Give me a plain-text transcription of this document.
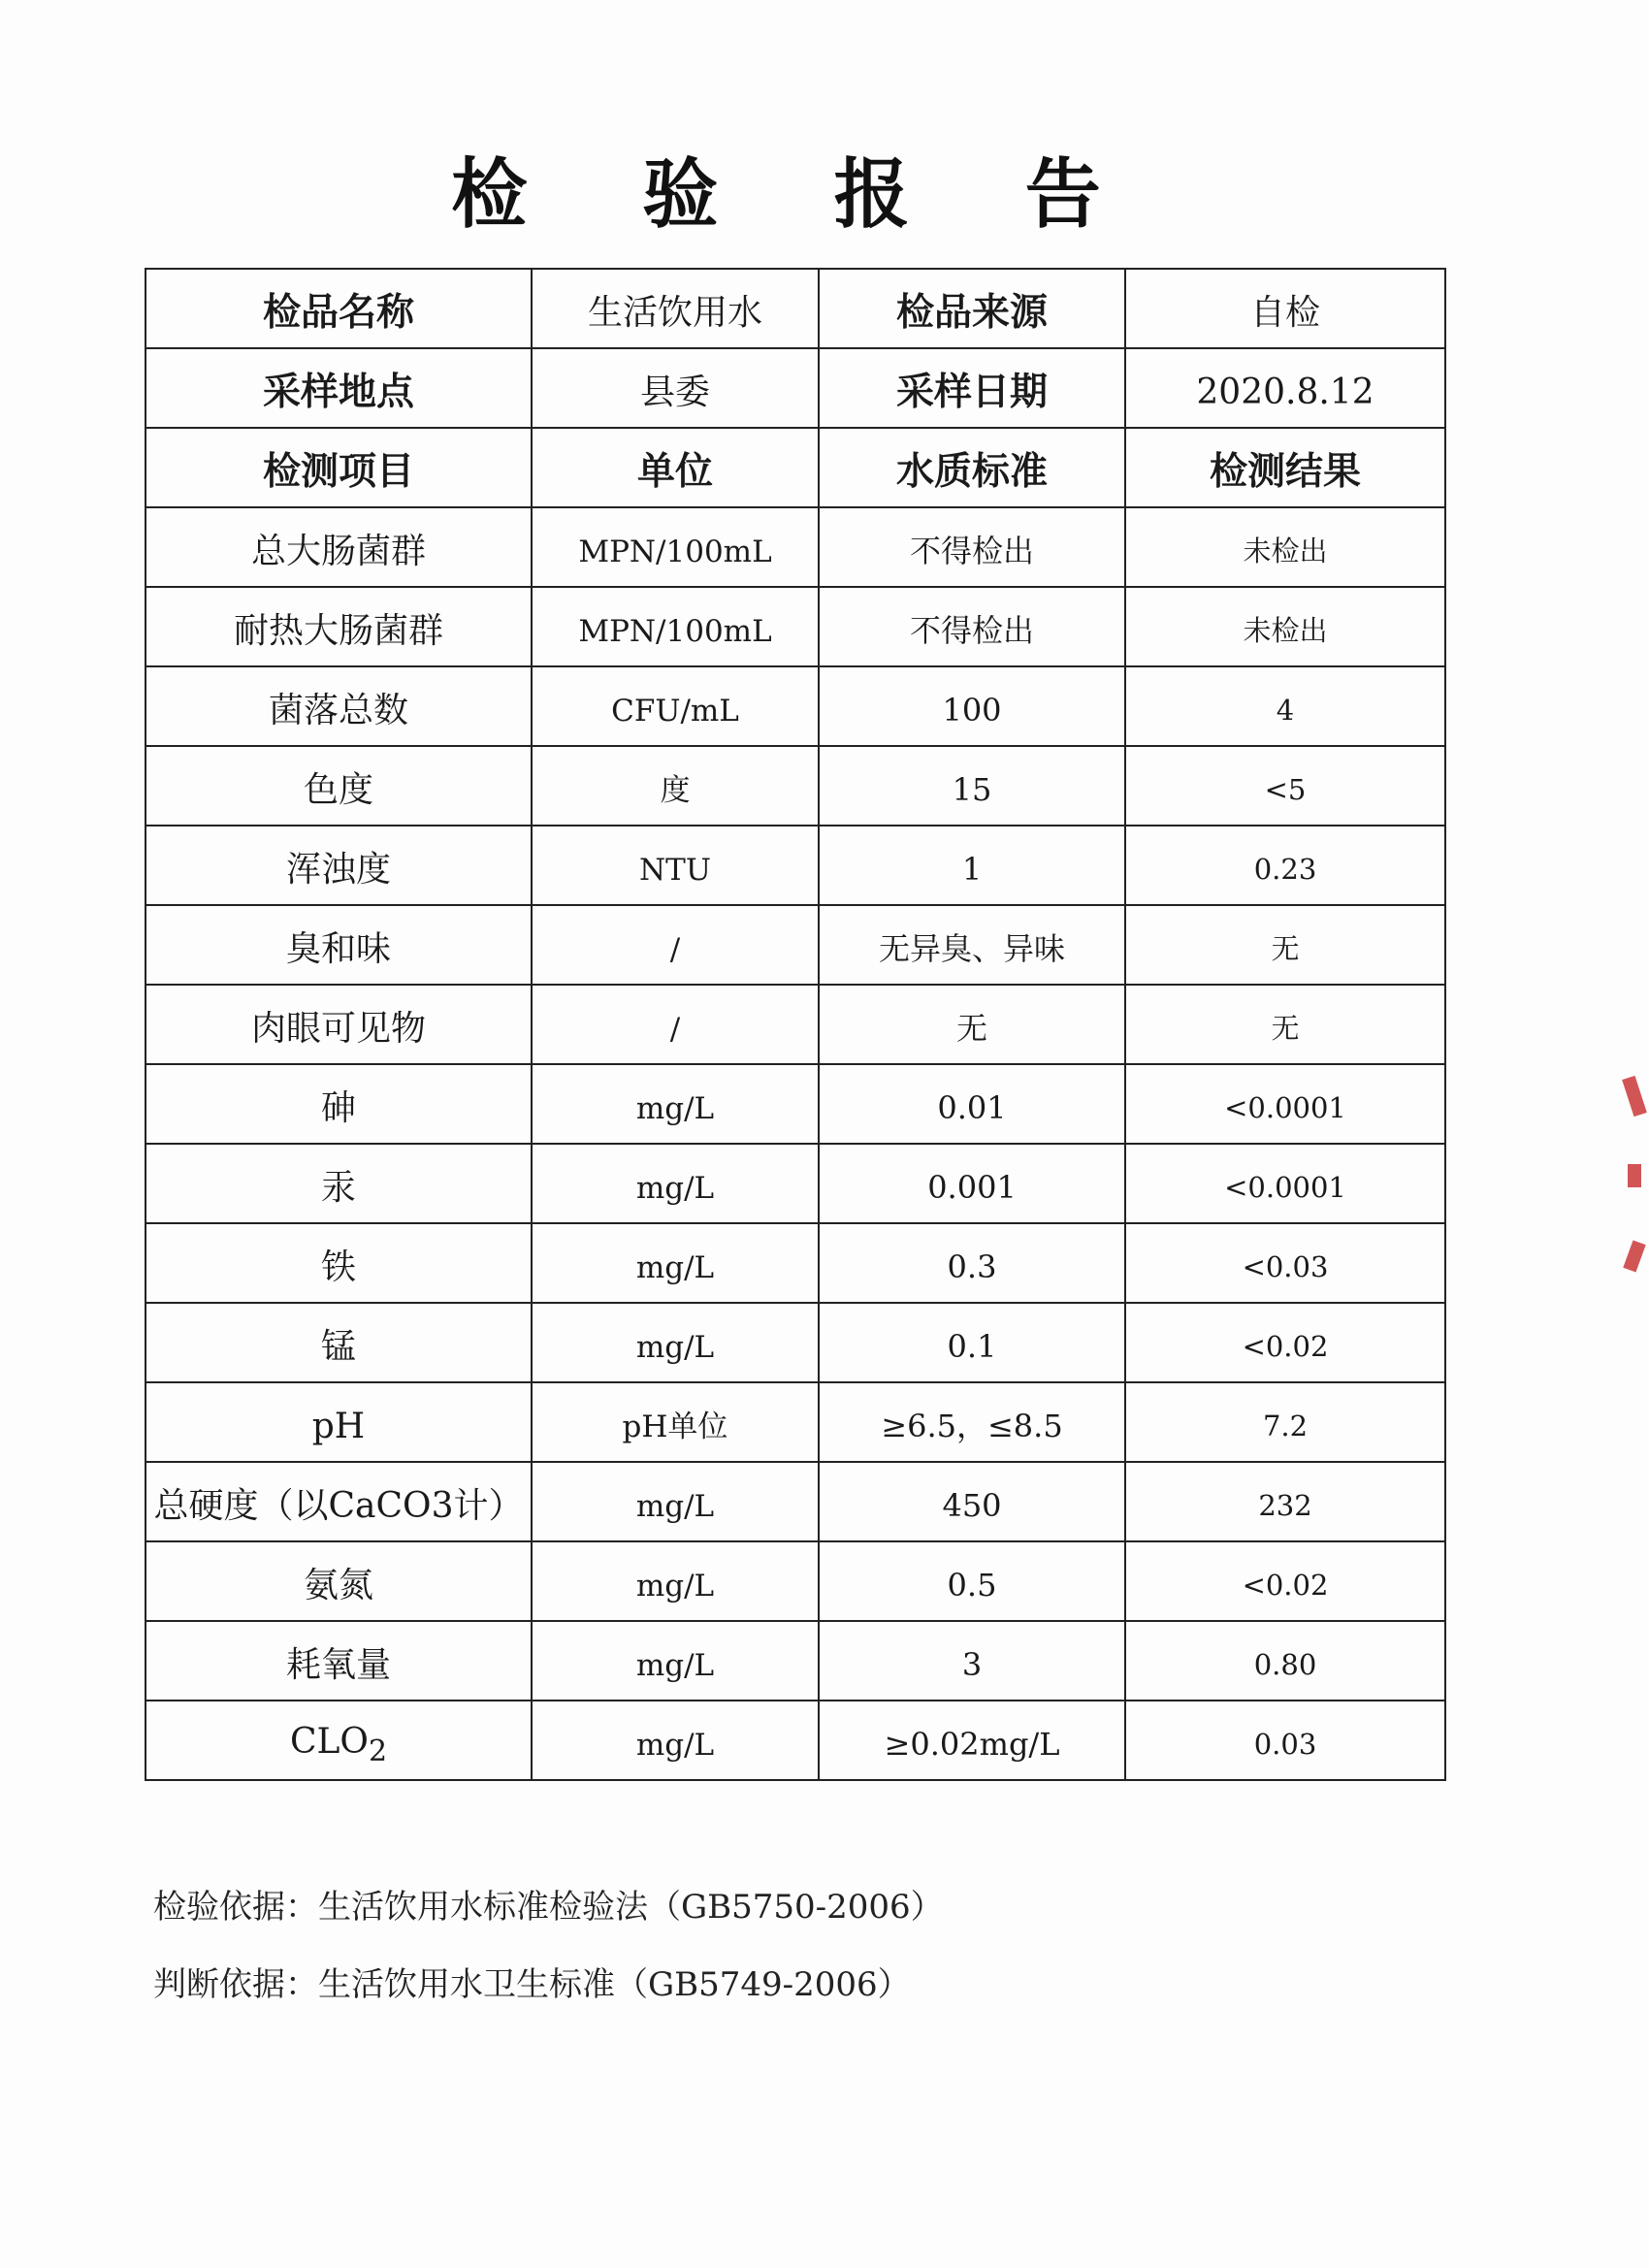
检 验 报 告
检品名称	生活饮用水	检品来源	自检
采样地点	县委	采样日期	2020.8.12
检测项目	单位	水质标准	检测结果
总大肠菌群	MPN/100mL	不得检出	未检出
耐热大肠菌群	MPN/100mL	不得检出	未检出
菌落总数	CFU/mL	100	4
色度	度	15	<5
浑浊度	NTU	1	0.23
臭和味	/	无异臭、异味	无
肉眼可见物	/	无	无
砷	mg/L	0.01	<0.0001
汞	mg/L	0.001	<0.0001
铁	mg/L	0.3	<0.03
锰	mg/L	0.1	<0.02
pH	pH单位	≥6.5，≤8.5	7.2
总硬度（以CaCO3计）	mg/L	450	232
氨氮	mg/L	0.5	<0.02
耗氧量	mg/L	3	0.80
$CLO_2$	mg/L	≥0.02mg/L	0.03
检验依据：生活饮用水标准检验法（GB5750-2006）
判断依据：生活饮用水卫生标准（GB5749-2006）
